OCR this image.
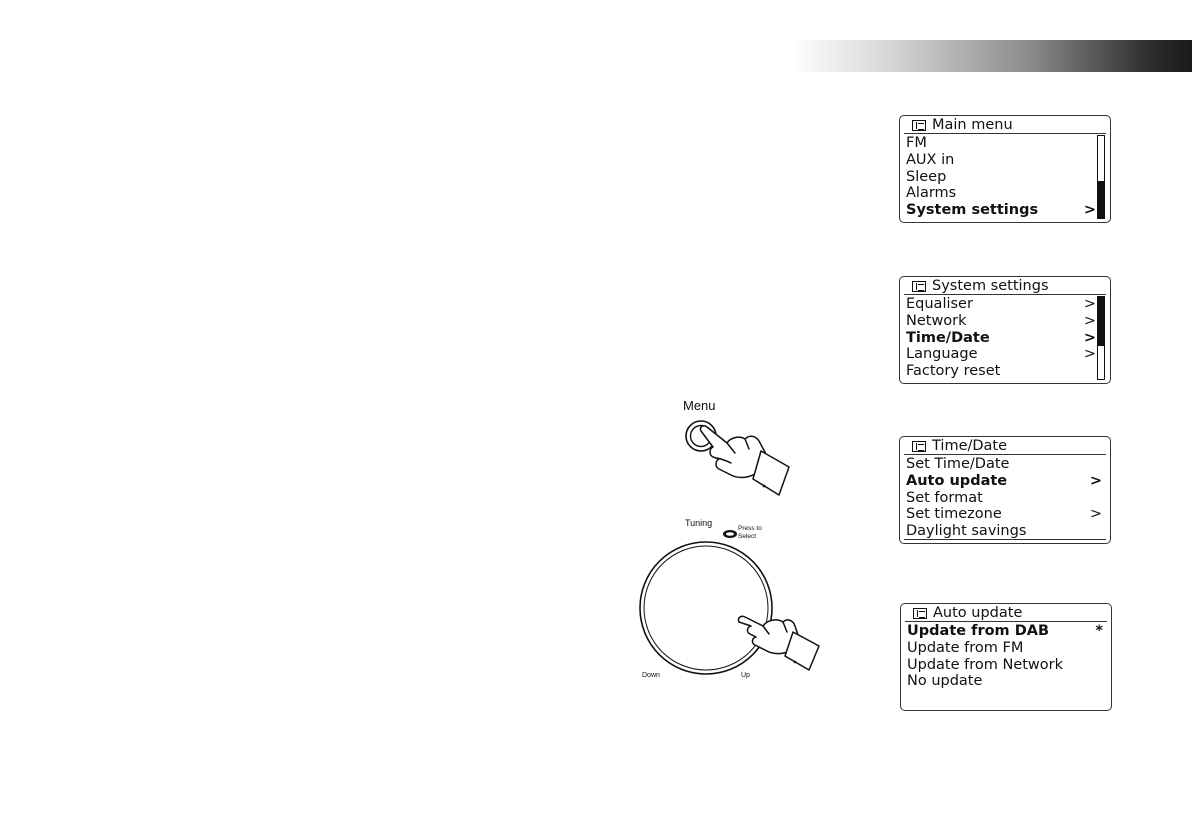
Main menu
FM
AUX in
Sleep
Alarms
System settings	>
System settings
Equaliser	>
Network	>
Time/Date	>
Language	>
Factory reset
Time/Date
Set Time/Date
Auto update	>
Set format
Set timezone	>
Daylight savings
Auto update
Update from DAB	*
Update from FM
Update from Network
No update
Menu
Tuning
Press to
Select
Down	Up
